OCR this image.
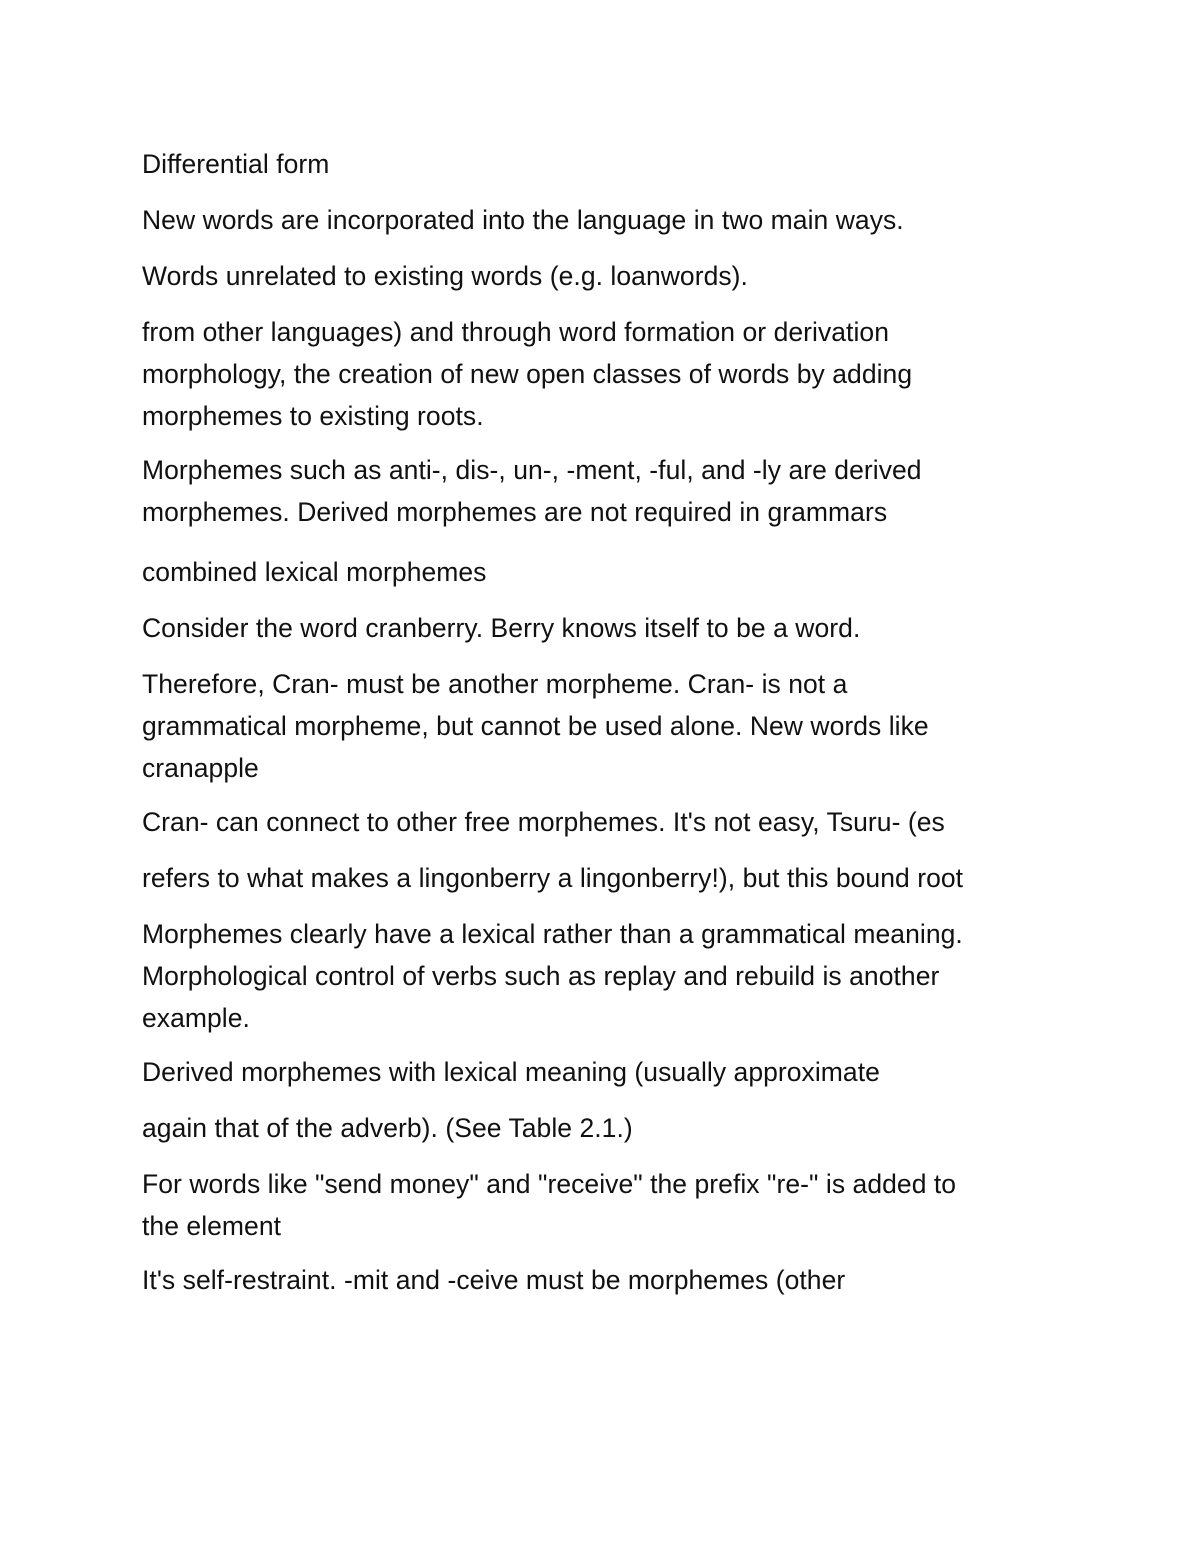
Differential form

New words are incorporated into the language in two main ways.

Words unrelated to existing words (e.g. loanwords).

from other languages) and through word formation or derivation
morphology, the creation of new open classes of words by adding
morphemes to existing roots.

Morphemes such as anti-, dis-, un-, -ment, -ful, and -ly are derived
morphemes. Derived morphemes are not required in grammars

combined lexical morphemes

Consider the word cranberry. Berry knows itself to be a word.

Therefore, Cran- must be another morpheme. Cran- is not a
grammatical morpheme, but cannot be used alone. New words like
cranapple

Cran- can connect to other free morphemes. It's not easy, Tsuru- (es

refers to what makes a lingonberry a lingonberry!), but this bound root

Morphemes clearly have a lexical rather than a grammatical meaning.
Morphological control of verbs such as replay and rebuild is another
example.

Derived morphemes with lexical meaning (usually approximate

again that of the adverb). (See Table 2.1.)

For words like "send money" and "receive" the prefix "re-" is added to
the element

It's self-restraint. -mit and -ceive must be morphemes (other
